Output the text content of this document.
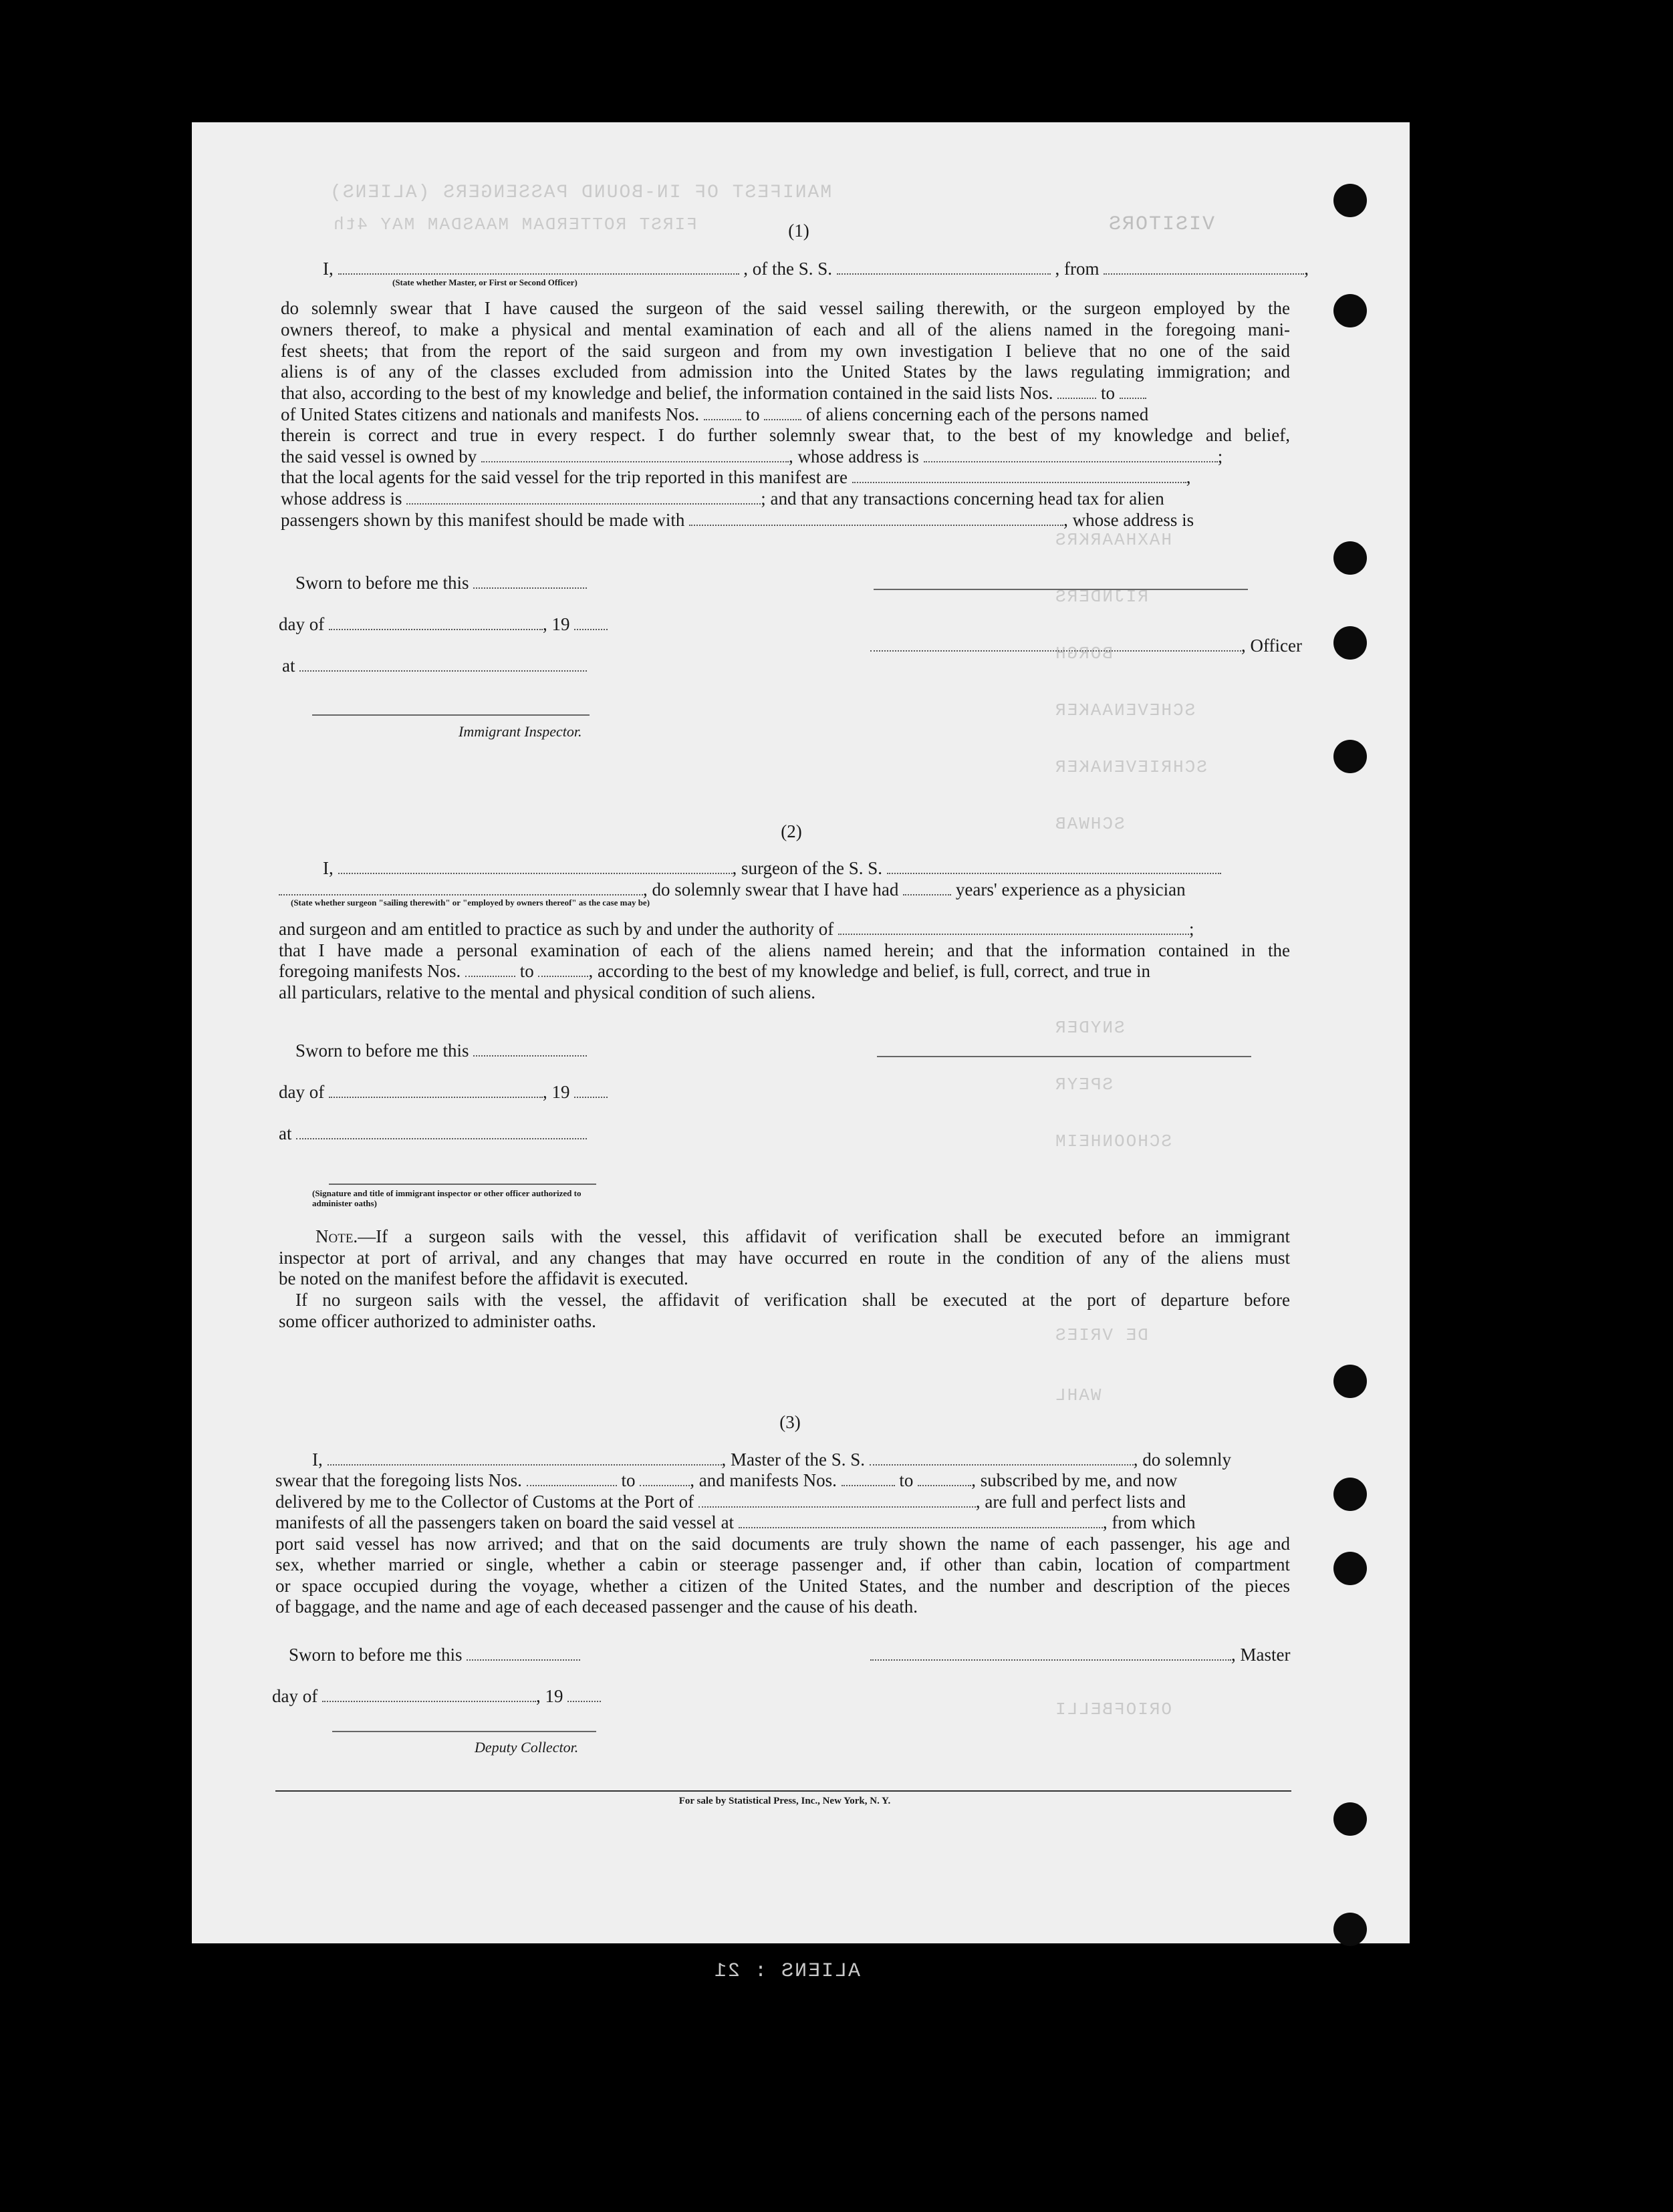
MANIFEST OF IN-BOUND PASSENGERS (ALIENS)
VISITORS
FIRST ROTTERDAM MAASDAM MAY 4th
HAXHAARKRS
RIJNDERS
BORGH
SCHEVENAAKER
SCHRIEVENAKER
SCHWAB
SNYDER
SPEYR
SCHOONHEIM
DE VRIES
WAHL
ORIOFBELLI
ALIENS : 21
(1)
I,	, of the S. S.	, from	,
(State whether Master, or First or Second Officer)
do solemnly swear that I have caused the surgeon of the said vessel sailing therewith, or the surgeon employed by the
owners thereof, to make a physical and mental examination of each and all of the aliens named in the foregoing mani-
fest sheets; that from the report of the said surgeon and from my own investigation I believe that no one of the said
aliens is of any of the classes excluded from admission into the United States by the laws regulating immigration; and
that also, according to the best of my knowledge and belief, the information contained in the said lists Nos.	to
of United States citizens and nationals and manifests Nos.	to	of aliens concerning each of the persons named
therein is correct and true in every respect. I do further solemnly swear that, to the best of my knowledge and belief,
the said vessel is owned by	, whose address is	;
that the local agents for the said vessel for the trip reported in this manifest are	,
whose address is	; and that any transactions concerning head tax for alien
passengers shown by this manifest should be made with	, whose address is
Sworn to before me this
day of	, 19
, Officer
at
Immigrant Inspector.
(2)
I,	, surgeon of the S. S.
, do solemnly swear that I have had	years' experience as a physician
(State whether surgeon "sailing therewith" or "employed by owners thereof" as the case may be)
and surgeon and am entitled to practice as such by and under the authority of	;
that I have made a personal examination of each of the aliens named herein; and that the information contained in the
foregoing manifests Nos.	to	, according to the best of my knowledge and belief, is full, correct, and true in
all particulars, relative to the mental and physical condition of such aliens.
Sworn to before me this
day of	, 19
at
(Signature and title of immigrant inspector or other officer authorized to administer oaths)
Note.—If a surgeon sails with the vessel, this affidavit of verification shall be executed before an immigrant
inspector at port of arrival, and any changes that may have occurred en route in the condition of any of the aliens must
be noted on the manifest before the affidavit is executed.
If no surgeon sails with the vessel, the affidavit of verification shall be executed at the port of departure before
some officer authorized to administer oaths.
(3)
I,	, Master of the S. S.	, do solemnly
swear that the foregoing lists Nos.	to	, and manifests Nos.	to	, subscribed by me, and now
delivered by me to the Collector of Customs at the Port of	, are full and perfect lists and
manifests of all the passengers taken on board the said vessel at	, from which
port said vessel has now arrived; and that on the said documents are truly shown the name of each passenger, his age and
sex, whether married or single, whether a cabin or steerage passenger and, if other than cabin, location of compartment
or space occupied during the voyage, whether a citizen of the United States, and the number and description of the pieces
of baggage, and the name and age of each deceased passenger and the cause of his death.
Sworn to before me this	, Master
day of	, 19
Deputy Collector.
For sale by Statistical Press, Inc., New York, N. Y.
